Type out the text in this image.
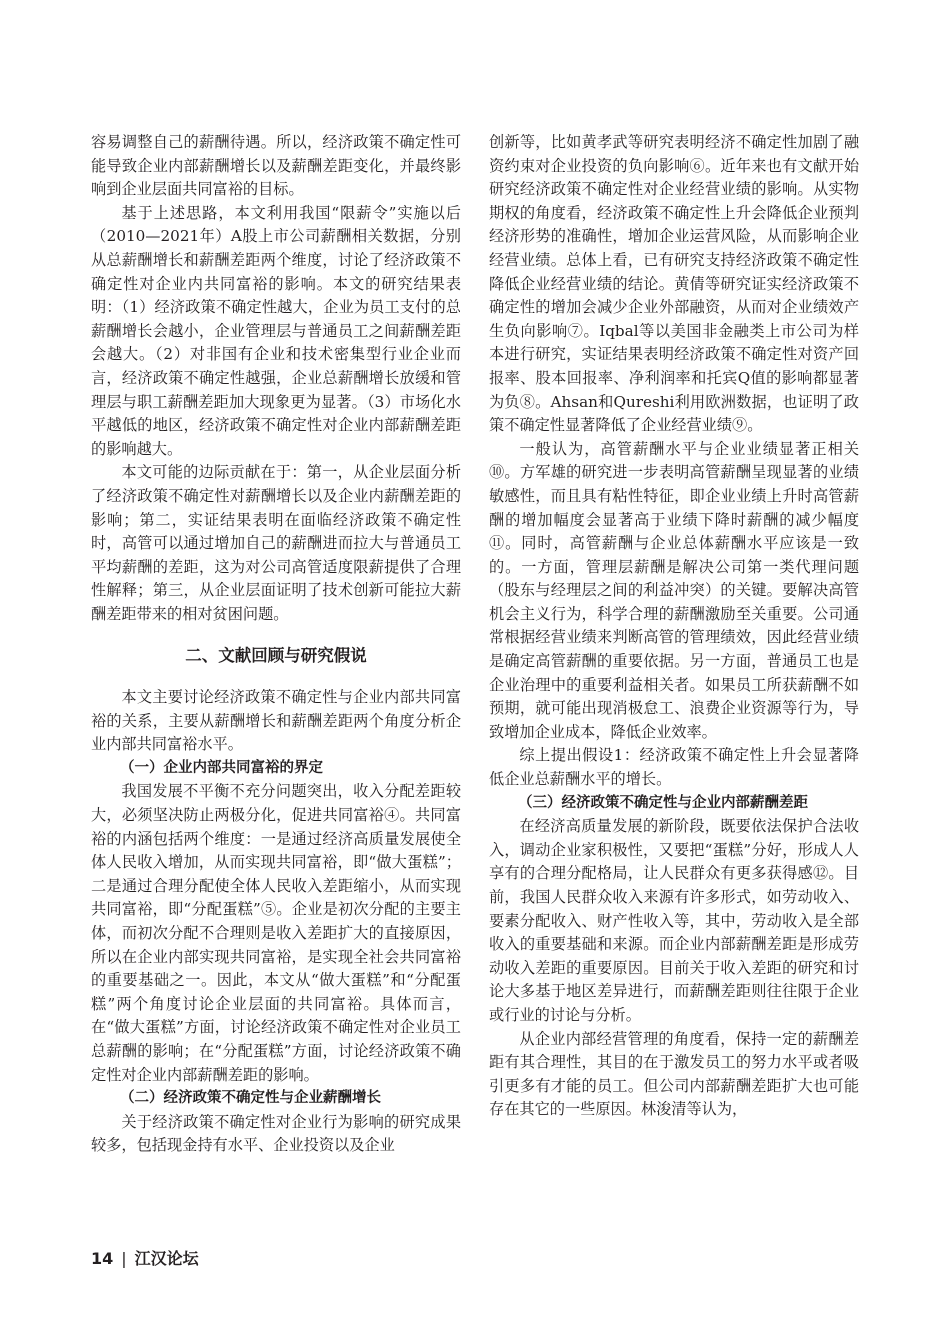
容易调整自己的薪酬待遇。所以，经济政策不确定性可能导致企业内部薪酬增长以及薪酬差距变化，并最终影响到企业层面共同富裕的目标。

基于上述思路，本文利用我国“限薪令”实施以后（2010—2021年）A股上市公司薪酬相关数据，分别从总薪酬增长和薪酬差距两个维度，讨论了经济政策不确定性对企业内共同富裕的影响。本文的研究结果表明：（1）经济政策不确定性越大，企业为员工支付的总薪酬增长会越小，企业管理层与普通员工之间薪酬差距会越大。（2）对非国有企业和技术密集型行业企业而言，经济政策不确定性越强，企业总薪酬增长放缓和管理层与职工薪酬差距加大现象更为显著。（3）市场化水平越低的地区，经济政策不确定性对企业内部薪酬差距的影响越大。

本文可能的边际贡献在于：第一，从企业层面分析了经济政策不确定性对薪酬增长以及企业内薪酬差距的影响；第二，实证结果表明在面临经济政策不确定性时，高管可以通过增加自己的薪酬进而拉大与普通员工平均薪酬的差距，这为对公司高管适度限薪提供了合理性解释；第三，从企业层面证明了技术创新可能拉大薪酬差距带来的相对贫困问题。

二、文献回顾与研究假说

本文主要讨论经济政策不确定性与企业内部共同富裕的关系，主要从薪酬增长和薪酬差距两个角度分析企业内部共同富裕水平。

（一）企业内部共同富裕的界定

我国发展不平衡不充分问题突出，收入分配差距较大，必须坚决防止两极分化，促进共同富裕④。共同富裕的内涵包括两个维度：一是通过经济高质量发展使全体人民收入增加，从而实现共同富裕，即“做大蛋糕”；二是通过合理分配使全体人民收入差距缩小，从而实现共同富裕，即“分配蛋糕”⑤。企业是初次分配的主要主体，而初次分配不合理则是收入差距扩大的直接原因，所以在企业内部实现共同富裕，是实现全社会共同富裕的重要基础之一。因此，本文从“做大蛋糕”和“分配蛋糕”两个角度讨论企业层面的共同富裕。具体而言，在“做大蛋糕”方面，讨论经济政策不确定性对企业员工总薪酬的影响；在“分配蛋糕”方面，讨论经济政策不确定性对企业内部薪酬差距的影响。

（二）经济政策不确定性与企业薪酬增长

关于经济政策不确定性对企业行为影响的研究成果较多，包括现金持有水平、企业投资以及企业

创新等，比如黄孝武等研究表明经济不确定性加剧了融资约束对企业投资的负向影响⑥。近年来也有文献开始研究经济政策不确定性对企业经营业绩的影响。从实物期权的角度看，经济政策不确定性上升会降低企业预判经济形势的准确性，增加企业运营风险，从而影响企业经营业绩。总体上看，已有研究支持经济政策不确定性降低企业经营业绩的结论。黄倩等研究证实经济政策不确定性的增加会减少企业外部融资，从而对企业绩效产生负向影响⑦。Iqbal等以美国非金融类上市公司为样本进行研究，实证结果表明经济政策不确定性对资产回报率、股本回报率、净利润率和托宾Q值的影响都显著为负⑧。Ahsan和Qureshi利用欧洲数据，也证明了政策不确定性显著降低了企业经营业绩⑨。

一般认为，高管薪酬水平与企业业绩显著正相关⑩。方军雄的研究进一步表明高管薪酬呈现显著的业绩敏感性，而且具有粘性特征，即企业业绩上升时高管薪酬的增加幅度会显著高于业绩下降时薪酬的减少幅度⑪。同时，高管薪酬与企业总体薪酬水平应该是一致的。一方面，管理层薪酬是解决公司第一类代理问题（股东与经理层之间的利益冲突）的关键。要解决高管机会主义行为，科学合理的薪酬激励至关重要。公司通常根据经营业绩来判断高管的管理绩效，因此经营业绩是确定高管薪酬的重要依据。另一方面，普通员工也是企业治理中的重要利益相关者。如果员工所获薪酬不如预期，就可能出现消极怠工、浪费企业资源等行为，导致增加企业成本，降低企业效率。

综上提出假设1：经济政策不确定性上升会显著降低企业总薪酬水平的增长。

（三）经济政策不确定性与企业内部薪酬差距

在经济高质量发展的新阶段，既要依法保护合法收入，调动企业家积极性，又要把“蛋糕”分好，形成人人享有的合理分配格局，让人民群众有更多获得感⑫。目前，我国人民群众收入来源有许多形式，如劳动收入、要素分配收入、财产性收入等，其中，劳动收入是全部收入的重要基础和来源。而企业内部薪酬差距是形成劳动收入差距的重要原因。目前关于收入差距的研究和讨论大多基于地区差异进行，而薪酬差距则往往限于企业或行业的讨论与分析。

从企业内部经营管理的角度看，保持一定的薪酬差距有其合理性，其目的在于激发员工的努力水平或者吸引更多有才能的员工。但公司内部薪酬差距扩大也可能存在其它的一些原因。林浚清等认为，

14 | 江汉论坛
